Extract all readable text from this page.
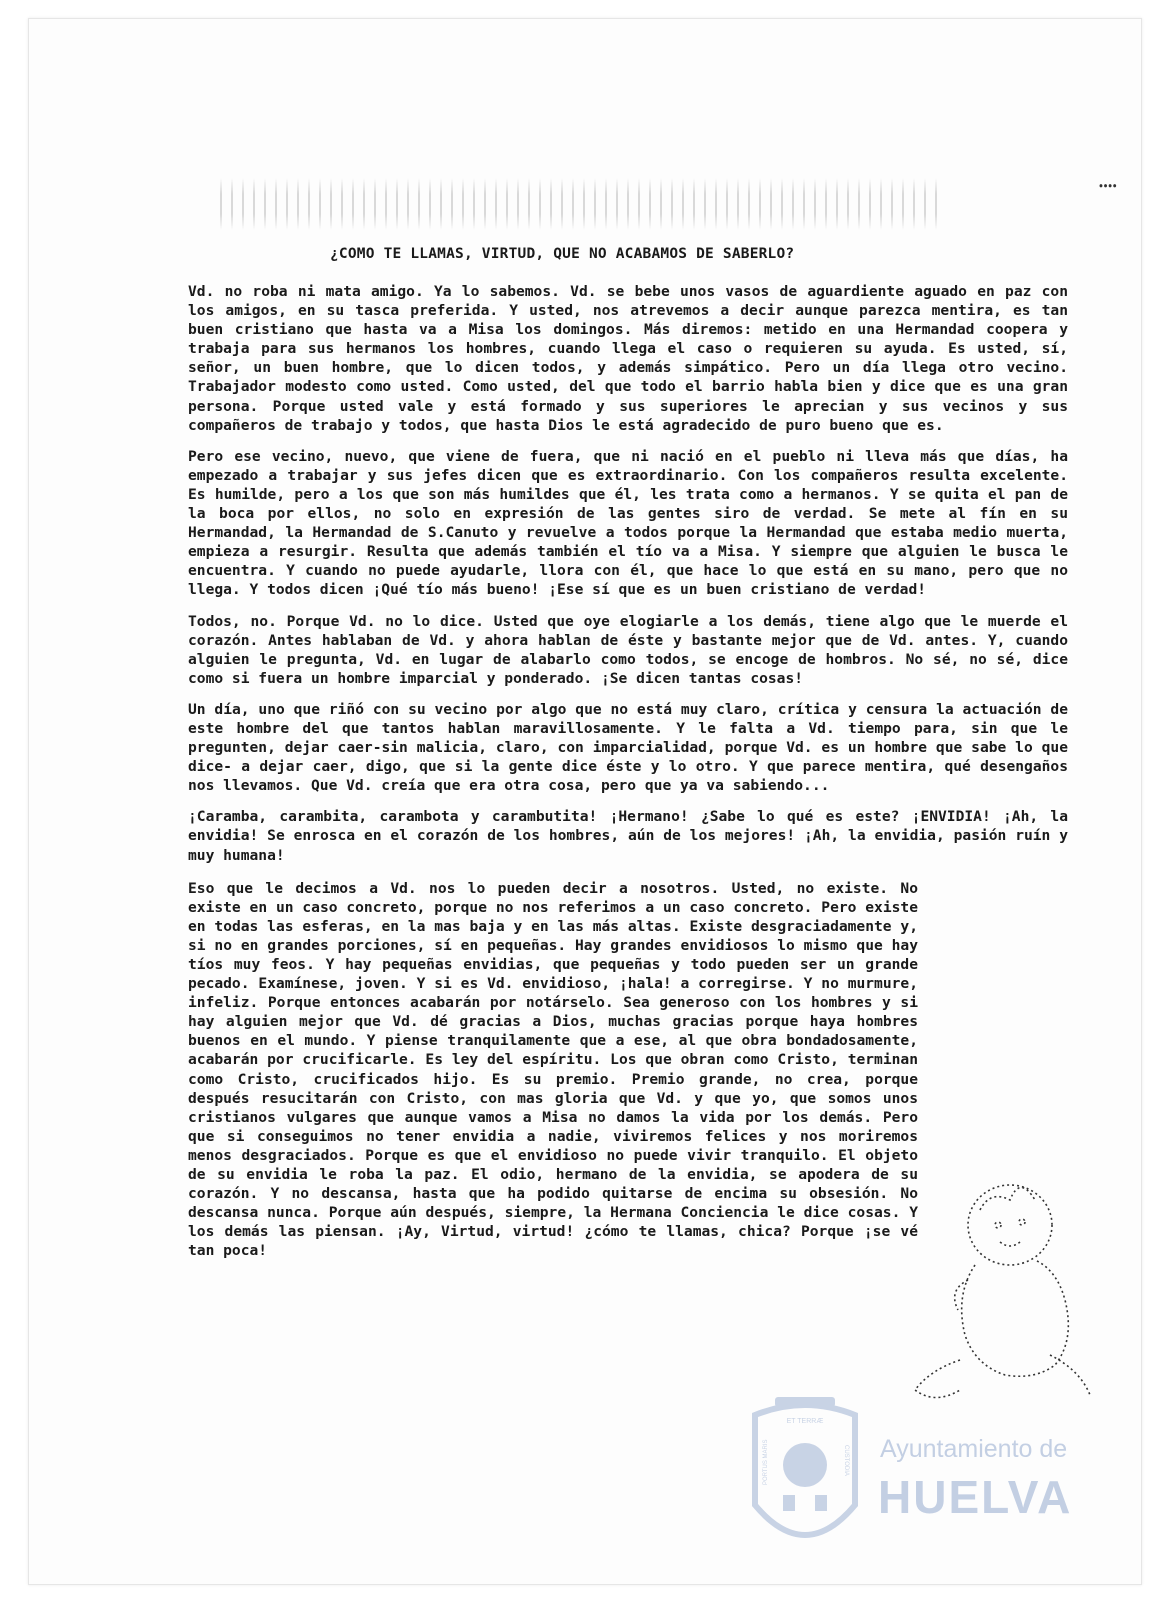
᠁
¿COMO TE LLAMAS, VIRTUD, QUE NO ACABAMOS DE SABERLO?

Vd. no roba ni mata amigo. Ya lo sabemos. Vd. se bebe unos vasos de aguardiente aguado en paz con los amigos, en su tasca preferida. Y usted, nos atrevemos a decir aunque parezca mentira, es tan buen cristiano que hasta va a Misa los domingos. Más diremos: metido en una Hermandad coopera y trabaja para sus hermanos los hombres, cuando llega el caso o requieren su ayuda. Es usted, sí, señor, un buen hombre, que lo dicen todos, y además simpático. Pero un día llega otro vecino. Trabajador modesto como usted. Como usted, del que todo el barrio habla bien y dice que es una gran persona. Porque usted vale y está formado y sus superiores le aprecian y sus vecinos y sus compañeros de trabajo y todos, que hasta Dios le está agradecido de puro bueno que es.

Pero ese vecino, nuevo, que viene de fuera, que ni nació en el pueblo ni lleva más que días, ha empezado a trabajar y sus jefes dicen que es extraordinario. Con los compañeros resulta excelente. Es humilde, pero a los que son más humildes que él, les trata como a hermanos. Y se quita el pan de la boca por ellos, no solo en expresión de las gentes siro de verdad. Se mete al fín en su Hermandad, la Hermandad de S.Canuto y revuelve a todos porque la Hermandad que estaba medio muerta, empieza a resurgir. Resulta que además también el tío va a Misa. Y siempre que alguien le busca le encuentra. Y cuando no puede ayudarle, llora con él, que hace lo que está en su mano, pero que no llega. Y todos dicen ¡Qué tío más bueno! ¡Ese sí que es un buen cristiano de verdad!

Todos, no. Porque Vd. no lo dice. Usted que oye elogiarle a los demás, tiene algo que le muerde el corazón. Antes hablaban de Vd. y ahora hablan de éste y bastante mejor que de Vd. antes. Y, cuando alguien le pregunta, Vd. en lugar de alabarlo como todos, se encoge de hombros. No sé, no sé, dice como si fuera un hombre imparcial y ponderado. ¡Se dicen tantas cosas!

Un día, uno que riñó con su vecino por algo que no está muy claro, crítica y censura la actuación de este hombre del que tantos hablan maravillosamente. Y le falta a Vd. tiempo para, sin que le pregunten, dejar caer-sin malicia, claro, con imparcialidad, porque Vd. es un hombre que sabe lo que dice- a dejar caer, digo, que si la gente dice éste y lo otro. Y que parece mentira, qué desengaños nos llevamos. Que Vd. creía que era otra cosa, pero que ya va sabiendo...

¡Caramba, carambita, carambota y carambutita! ¡Hermano! ¿Sabe lo qué es este? ¡ENVIDIA! ¡Ah, la envidia! Se enrosca en el corazón de los hombres, aún de los mejores! ¡Ah, la envidia, pasión ruín y muy humana!

Eso que le decimos a Vd. nos lo pueden decir a nosotros. Usted, no existe. No existe en un caso concreto, porque no nos referimos a un caso concreto. Pero existe en todas las esferas, en la mas baja y en las más altas. Existe desgraciadamente y, si no en grandes porciones, sí en pequeñas. Hay grandes envidiosos lo mismo que hay tíos muy feos. Y hay pequeñas envidias, que pequeñas y todo pueden ser un grande pecado. Examínese, joven. Y si es Vd. envidioso, ¡hala! a corregirse. Y no murmure, infeliz. Porque entonces acabarán por notárselo. Sea generoso con los hombres y si hay alguien mejor que Vd. dé gracias a Dios, muchas gracias porque haya hombres buenos en el mundo. Y piense tranquilamente que a ese, al que obra bondadosamente, acabarán por crucificarle. Es ley del espíritu. Los que obran como Cristo, terminan como Cristo, crucificados hijo. Es su premio. Premio grande, no crea, porque después resucitarán con Cristo, con mas gloria que Vd. y que yo, que somos unos cristianos vulgares que aunque vamos a Misa no damos la vida por los demás. Pero que si conseguimos no tener envidia a nadie, viviremos felices y nos moriremos menos desgraciados. Porque es que el envidioso no puede vivir tranquilo. El objeto de su envidia le roba la paz. El odio, hermano de la envidia, se apodera de su corazón. Y no descansa, hasta que ha podido quitarse de encima su obsesión. No descansa nunca. Porque aún después, siempre, la Hermana Conciencia le dice cosas. Y los demás las piensan. ¡Ay, Virtud, virtud! ¿cómo te llamas, chica? Porque ¡se vé tan poca!

ET TERRÆ
PORTUS MARIS	CUSTODIA Ayuntamiento de
HUELVA
